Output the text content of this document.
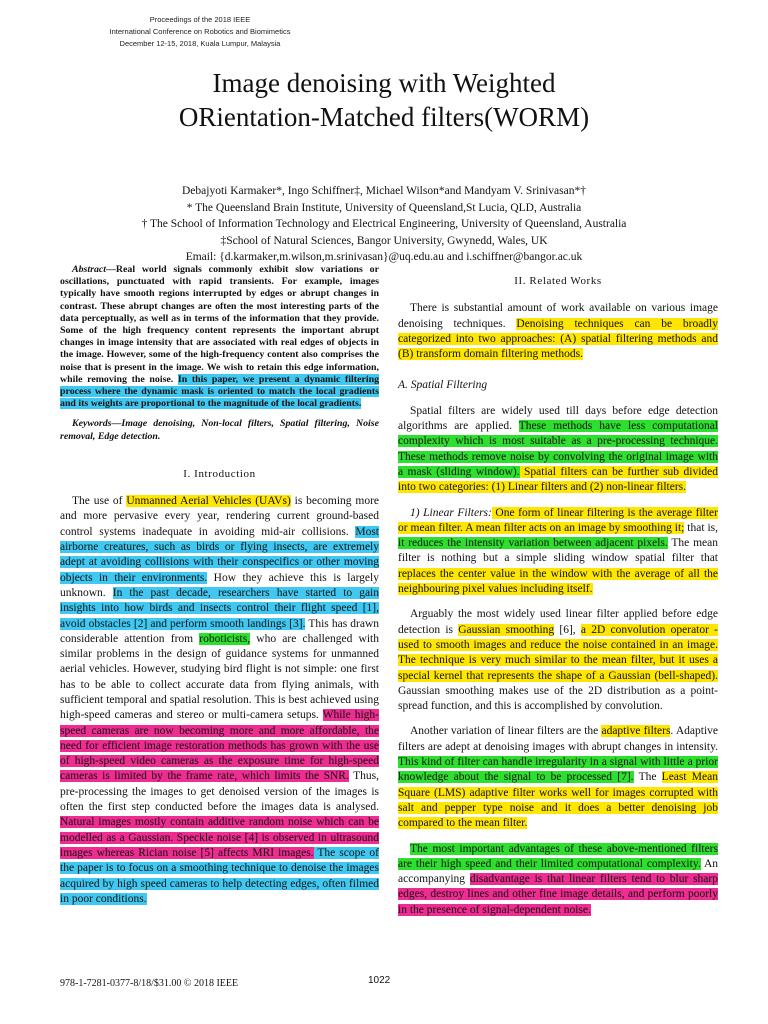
Proceedings of the 2018 IEEE
International Conference on Robotics and Biomimetics
December 12-15, 2018, Kuala Lumpur, Malaysia
Image denoising with Weighted
ORientation-Matched filters(WORM)
Debajyoti Karmaker*, Ingo Schiffner‡, Michael Wilson*and Mandyam V. Srinivasan*†
* The Queensland Brain Institute, University of Queensland,St Lucia, QLD, Australia
† The School of Information Technology and Electrical Engineering, University of Queensland, Australia
‡School of Natural Sciences, Bangor University, Gwynedd, Wales, UK
Email: {d.karmaker,m.wilson,m.srinivasan}@uq.edu.au and i.schiffner@bangor.ac.uk
Abstract—Real world signals commonly exhibit slow variations or oscillations, punctuated with rapid transients. For example, images typically have smooth regions interrupted by edges or abrupt changes in contrast. These abrupt changes are often the most interesting parts of the data perceptually, as well as in terms of the information that they provide. Some of the high frequency content represents the important abrupt changes in image intensity that are associated with real edges of objects in the image. However, some of the high-frequency content also comprises the noise that is present in the image. We wish to retain this edge information, while removing the noise. In this paper, we present a dynamic filtering process where the dynamic mask is oriented to match the local gradients and its weights are proportional to the magnitude of the local gradients.
Keywords—Image denoising, Non-local filters, Spatial filtering, Noise removal, Edge detection.
I. Introduction

The use of Unmanned Aerial Vehicles (UAVs) is becoming more and more pervasive every year, rendering current ground-based control systems inadequate in avoiding mid-air collisions. Most airborne creatures, such as birds or flying insects, are extremely adept at avoiding collisions with their conspecifics or other moving objects in their environments. How they achieve this is largely unknown. In the past decade, researchers have started to gain insights into how birds and insects control their flight speed [1], avoid obstacles [2] and perform smooth landings [3]. This has drawn considerable attention from roboticists, who are challenged with similar problems in the design of guidance systems for unmanned aerial vehicles. However, studying bird flight is not simple: one first has to be able to collect accurate data from flying animals, with sufficient temporal and spatial resolution. This is best achieved using high-speed cameras and stereo or multi-camera setups. While high-speed cameras are now becoming more and more affordable, the need for efficient image restoration methods has grown with the use of high-speed video cameras as the exposure time for high-speed cameras is limited by the frame rate, which limits the SNR. Thus, pre-processing the images to get denoised version of the images is often the first step conducted before the images data is analysed. Natural images mostly contain additive random noise which can be modelled as a Gaussian. Speckle noise [4] is observed in ultrasound images whereas Rician noise [5] affects MRI images. The scope of the paper is to focus on a smoothing technique to denoise the images acquired by high speed cameras to help detecting edges, often filmed in poor conditions.

II. Related Works

There is substantial amount of work available on various image denoising techniques. Denoising techniques can be broadly categorized into two approaches: (A) spatial filtering methods and (B) transform domain filtering methods.

A. Spatial Filtering

Spatial filters are widely used till days before edge detection algorithms are applied. These methods have less computational complexity which is most suitable as a pre-processing technique. These methods remove noise by convolving the original image with a mask (sliding window). Spatial filters can be further sub divided into two categories: (1) Linear filters and (2) non-linear filters.

1) Linear Filters: One form of linear filtering is the average filter or mean filter. A mean filter acts on an image by smoothing it; that is, it reduces the intensity variation between adjacent pixels. The mean filter is nothing but a simple sliding window spatial filter that replaces the center value in the window with the average of all the neighbouring pixel values including itself.

Arguably the most widely used linear filter applied before edge detection is Gaussian smoothing [6], a 2D convolution operator - used to smooth images and reduce the noise contained in an image. The technique is very much similar to the mean filter, but it uses a special kernel that represents the shape of a Gaussian (bell-shaped). Gaussian smoothing makes use of the 2D distribution as a point-spread function, and this is accomplished by convolution.

Another variation of linear filters are the adaptive filters. Adaptive filters are adept at denoising images with abrupt changes in intensity. This kind of filter can handle irregularity in a signal with little a prior knowledge about the signal to be processed [7]. The Least Mean Square (LMS) adaptive filter works well for images corrupted with salt and pepper type noise and it does a better denoising job compared to the mean filter.

The most important advantages of these above-mentioned filters are their high speed and their limited computational complexity. An accompanying disadvantage is that linear filters tend to blur sharp edges, destroy lines and other fine image details, and perform poorly in the presence of signal-dependent noise.

978-1-7281-0377-8/18/$31.00 © 2018 IEEE	1022
